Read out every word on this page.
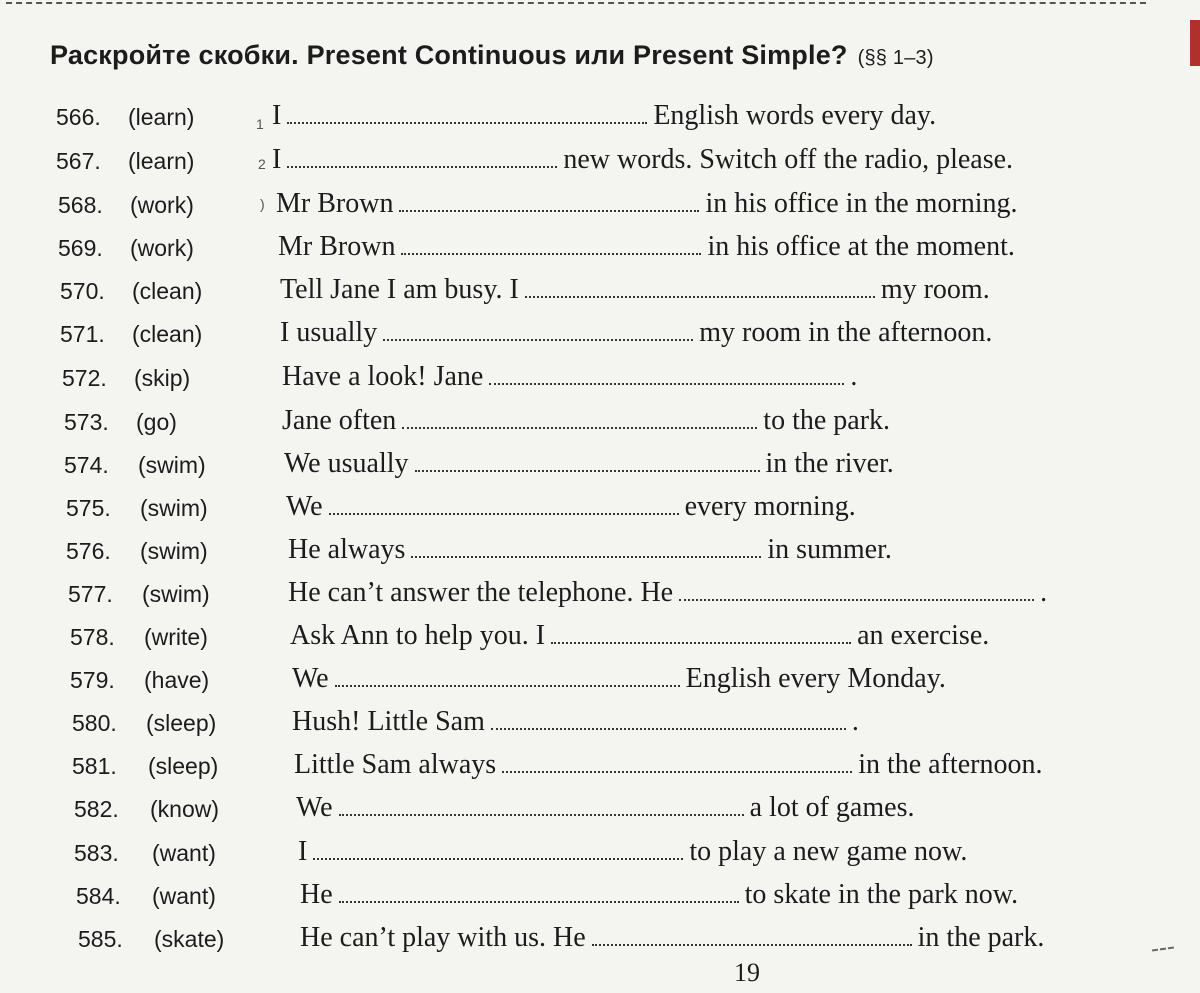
Раскройте скобки. Present Continuous или Present Simple? (§§ 1–3)
566. (learn)	I	English words every day.
567. (learn)	I	new words. Switch off the radio, please.
568. (work)	Mr Brown	in his office in the morning.
569. (work)	Mr Brown	in his office at the moment.
570. (clean)	Tell Jane I am busy. I	my room.
571. (clean)	I usually	my room in the afternoon.
572. (skip)	Have a look! Jane	.
573. (go)	Jane often	to the park.
574. (swim)	We usually	in the river.
575. (swim)	We	every morning.
576. (swim)	He always	in summer.
577. (swim)	He can’t answer the telephone. He	.
578. (write)	Ask Ann to help you. I	an exercise.
579. (have)	We	English every Monday.
580. (sleep)	Hush! Little Sam	.
581. (sleep)	Little Sam always	in the afternoon.
582. (know)	We	a lot of games.
583. (want)	I	to play a new game now.
584. (want)	He	to skate in the park now.
585. (skate)	He can’t play with us. He	in the park.
1
2
)
19
